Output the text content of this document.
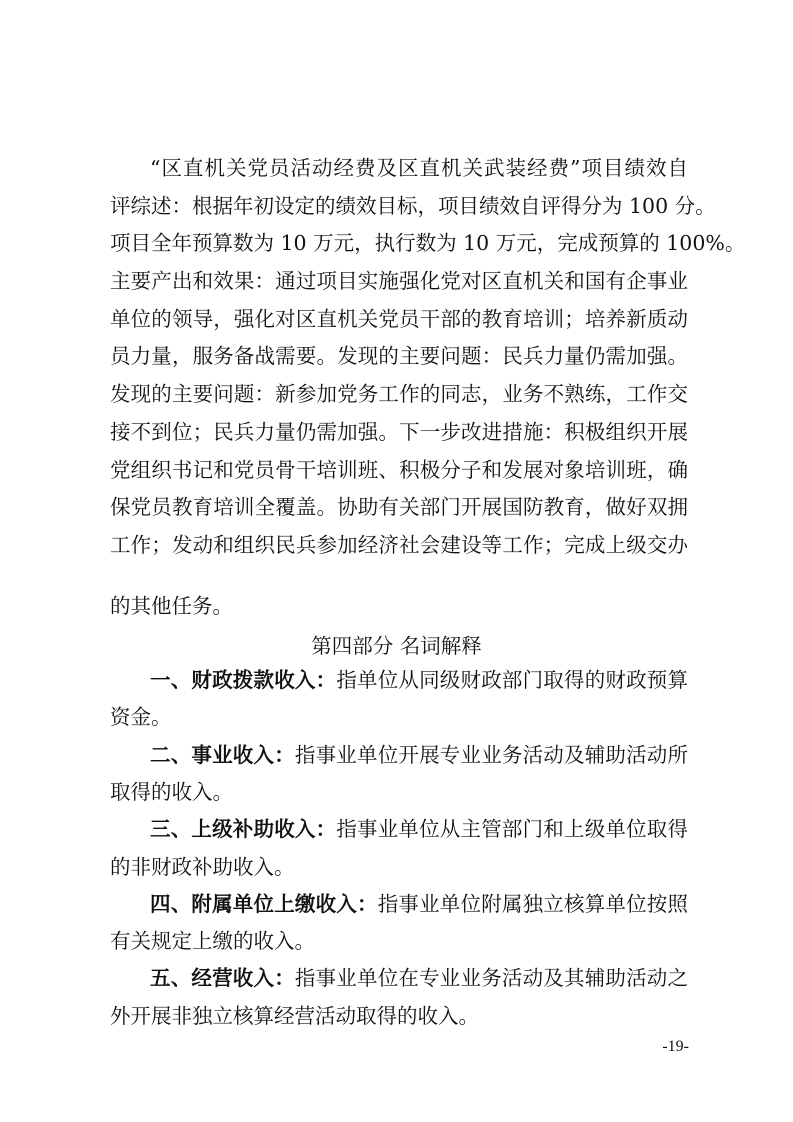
“区直机关党员活动经费及区直机关武装经费”项目绩效自
评综述：根据年初设定的绩效目标，项目绩效自评得分为 100 分。
项目全年预算数为 10 万元，执行数为 10 万元，完成预算的 100%。
主要产出和效果：通过项目实施强化党对区直机关和国有企事业
单位的领导，强化对区直机关党员干部的教育培训；培养新质动
员力量，服务备战需要。发现的主要问题：民兵力量仍需加强。
发现的主要问题：新参加党务工作的同志，业务不熟练，工作交
接不到位；民兵力量仍需加强。下一步改进措施：积极组织开展
党组织书记和党员骨干培训班、积极分子和发展对象培训班，确
保党员教育培训全覆盖。协助有关部门开展国防教育，做好双拥
工作；发动和组织民兵参加经济社会建设等工作；完成上级交办
的其他任务。
第四部分 名词解释
一、财政拨款收入：指单位从同级财政部门取得的财政预算
资金。
二、事业收入：指事业单位开展专业业务活动及辅助活动所
取得的收入。
三、上级补助收入：指事业单位从主管部门和上级单位取得
的非财政补助收入。
四、附属单位上缴收入：指事业单位附属独立核算单位按照
有关规定上缴的收入。
五、经营收入：指事业单位在专业业务活动及其辅助活动之
外开展非独立核算经营活动取得的收入。
-19-
